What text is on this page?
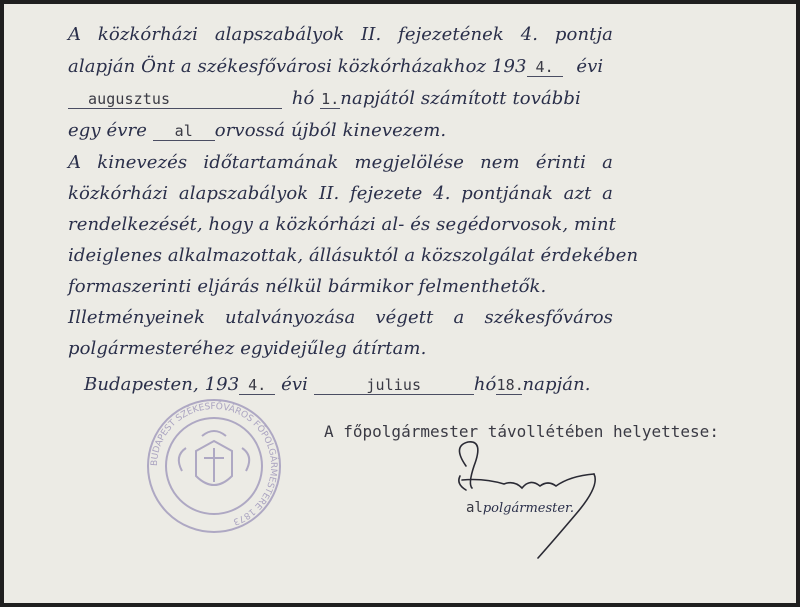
A közkórházi alapszabályok II. fejezetének 4. pontja
alapján Önt a székesfővárosi közkórházakhoz 193 4. évi
augusztus	hó 1.napjától számított további
egy évre al orvossá újból kinevezem.
A kinevezés időtartamának megjelölése nem érinti a
közkórházi alapszabályok II. fejezete 4. pontjának azt a
rendelkezését, hogy a közkórházi al- és segédorvosok, mint
ideiglenes alkalmazottak, állásuktól a közszolgálat érdekében
formaszerinti eljárás nélkül bármikor felmenthetők.
Illetményeinek utalványozása végett a székesfőváros
polgármesteréhez egyidejűleg átírtam.
Budapesten, 193 4. évi	julius	hó18.napján.
BUDAPEST SZÉKESFŐVÁROS FŐPOLGÁRMESTERE 1873
A főpolgármester távollétében helyettese:
alpolgármester.
